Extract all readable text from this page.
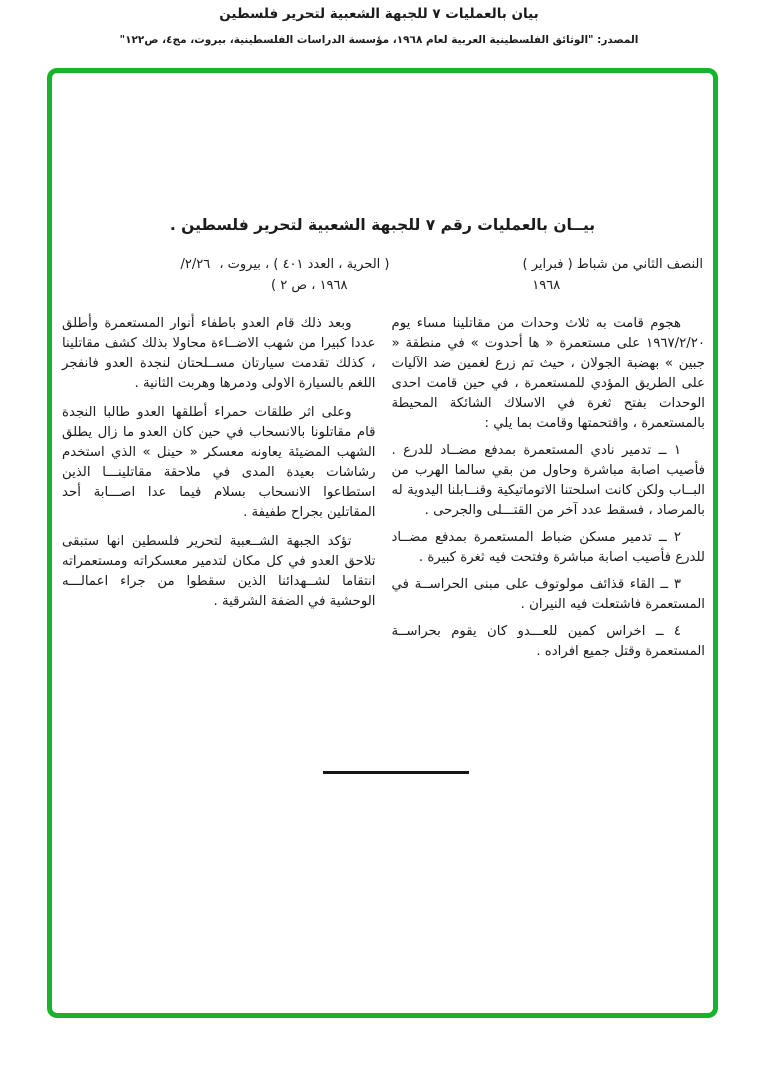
بيان بالعمليات ٧ للجبهة الشعبية لتحرير فلسطين
المصدر: "الوثائق الفلسطينية العربية لعام ١٩٦٨، مؤسسة الدراسات الفلسطينية، بيروت، مج٤، ص١٢٢"
بيــان بالعمليات رقم ٧ للجبهة الشعبية لتحرير فلسطين .
النصف الثاني من شباط ( فبراير )
١٩٦٨
( الحرية ، العدد ٤٠١ ) ، بيروت ، /٢/٢٦
١٩٦٨ ، ص ٢ )

هجوم قامت به ثلاث وحدات من مقاتلينا مساء يوم ١٩٦٧/٢/٢٠ على مستعمرة « ها أحدوت » في منطقة « جبين » بهضبة الجولان ، حيث تم زرع لغمين ضد الآليات على الطريق المؤدي للمستعمرة ، في حين قامت احدى الوحدات بفتح ثغرة في الاسلاك الشائكة المحيطة بالمستعمرة ، واقتحمتها وقامت بما يلي :

١ ــ تدمير نادي المستعمرة بمدفع مضــاد للدرع . فأصيب اصابة مباشرة وحاول من بقي سالما الهرب من البــاب ولكن كانت اسلحتنا الاتوماتيكية وقنــابلنا اليدوية له بالمرصاد ، فسقط عدد آخر من القتـــلى والجرحى .

٢ ــ تدمير مسكن ضباط المستعمرة بمدفع مضــاد للدرع فأصيب اصابة مباشرة وفتحت فيه ثغرة كبيرة .

٣ ــ القاء قذائف مولوتوف على مبنى الحراســة في المستعمرة فاشتعلت فيه النيران .

٤ ــ اخراس كمين للعـــدو كان يقوم بحراســة المستعمرة وقتل جميع افراده .

وبعد ذلك قام العدو باطفاء أنوار المستعمرة وأطلق عددا كبيرا من شهب الاضــاءة محاولا بذلك كشف مقاتلينا ، كذلك تقدمت سيارتان مســلحتان لنجدة العدو فانفجر اللغم بالسيارة الاولى ودمرها وهربت الثانية .

وعلى اثر طلقات حمراء أطلقها العدو طالبا النجدة قام مقاتلونا بالانسحاب في حين كان العدو ما زال يطلق الشهب المضيئة يعاونه معسكر « حينل » الذي استخدم رشاشات بعيدة المدى في ملاحقة مقاتلينـــا الذين استطاعوا الانسحاب بسلام فيما عدا اصـــابة أحد المقاتلين بجراح طفيفة .

تؤكد الجبهة الشــعبية لتحرير فلسطين انها ستبقى تلاحق العدو في كل مكان لتدمير معسكراته ومستعمراته انتقاما لشــهدائنا الذين سقطوا من جراء اعمالـــه الوحشية في الضفة الشرقية .
